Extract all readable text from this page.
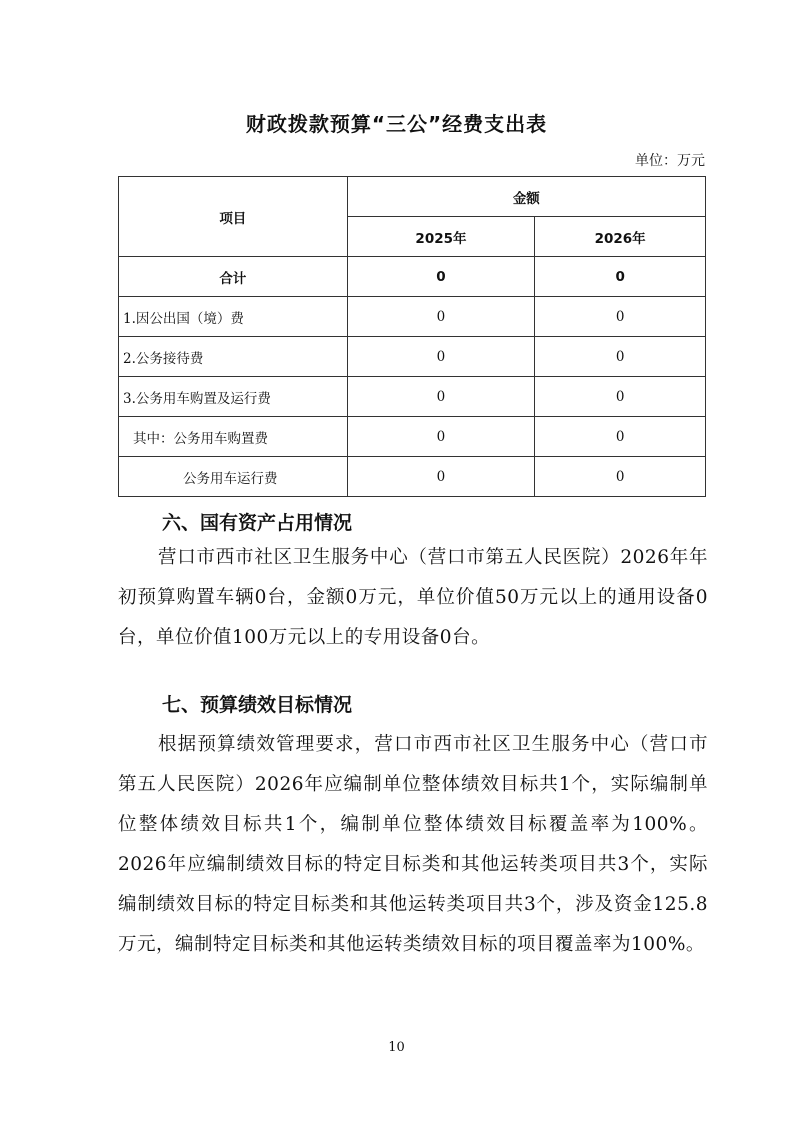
财政拨款预算“三公”经费支出表
单位：万元
项目	金额	
	2025年	2026年
合计	0	0
1.因公出国（境）费	0	0
2.公务接待费	0	0
3.公务用车购置及运行费	0	0
其中：公务用车购置费	0	0
公务用车运行费	0	0
六、国有资产占用情况
营口市西市社区卫生服务中心（营口市第五人民医院）2026年年初预算购置车辆0台，金额0万元，单位价值50万元以上的通用设备0台，单位价值100万元以上的专用设备0台。
七、预算绩效目标情况
根据预算绩效管理要求，营口市西市社区卫生服务中心（营口市第五人民医院）2026年应编制单位整体绩效目标共1个，实际编制单位整体绩效目标共1个，编制单位整体绩效目标覆盖率为100%。2026年应编制绩效目标的特定目标类和其他运转类项目共3个，实际编制绩效目标的特定目标类和其他运转类项目共3个，涉及资金125.8万元，编制特定目标类和其他运转类绩效目标的项目覆盖率为100%。
10
